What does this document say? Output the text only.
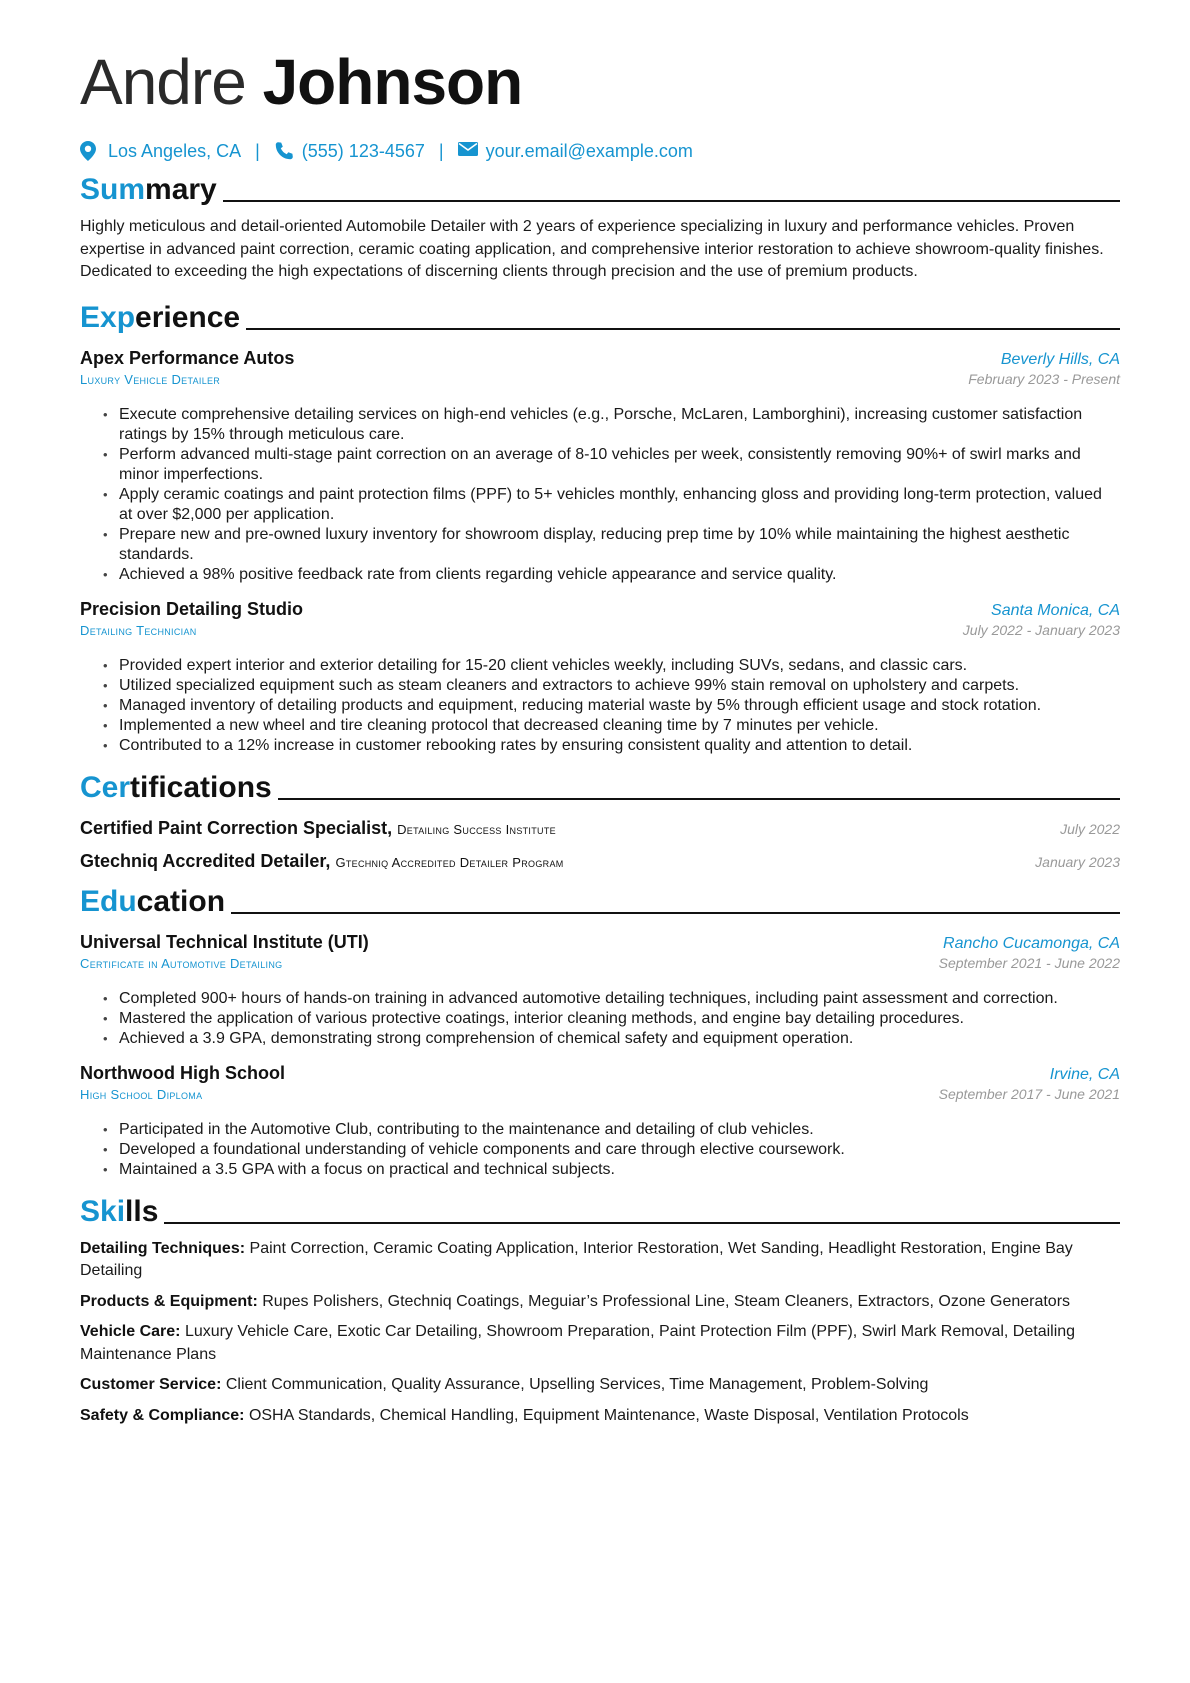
Andre Johnson
Los Angeles, CA | (555) 123-4567 | your.email@example.com
Summary

Highly meticulous and detail-oriented Automobile Detailer with 2 years of experience specializing in luxury and performance vehicles. Proven expertise in advanced paint correction, ceramic coating application, and comprehensive interior restoration to achieve showroom-quality finishes. Dedicated to exceeding the high expectations of discerning clients through precision and the use of premium products.

Experience
Apex Performance Autos	Beverly Hills, CA
Luxury Vehicle Detailer	February 2023 - Present
• Execute comprehensive detailing services on high-end vehicles (e.g., Porsche, McLaren, Lamborghini), increasing customer satisfaction ratings by 15% through meticulous care.
• Perform advanced multi-stage paint correction on an average of 8-10 vehicles per week, consistently removing 90%+ of swirl marks and minor imperfections.
• Apply ceramic coatings and paint protection films (PPF) to 5+ vehicles monthly, enhancing gloss and providing long-term protection, valued at over $2,000 per application.
• Prepare new and pre-owned luxury inventory for showroom display, reducing prep time by 10% while maintaining the highest aesthetic standards.
• Achieved a 98% positive feedback rate from clients regarding vehicle appearance and service quality.
Precision Detailing Studio	Santa Monica, CA
Detailing Technician	July 2022 - January 2023
• Provided expert interior and exterior detailing for 15-20 client vehicles weekly, including SUVs, sedans, and classic cars.
• Utilized specialized equipment such as steam cleaners and extractors to achieve 99% stain removal on upholstery and carpets.
• Managed inventory of detailing products and equipment, reducing material waste by 5% through efficient usage and stock rotation.
• Implemented a new wheel and tire cleaning protocol that decreased cleaning time by 7 minutes per vehicle.
• Contributed to a 12% increase in customer rebooking rates by ensuring consistent quality and attention to detail.
Certifications
Certified Paint Correction Specialist, Detailing Success Institute	July 2022
Gtechniq Accredited Detailer, Gtechniq Accredited Detailer Program	January 2023
Education
Universal Technical Institute (UTI)	Rancho Cucamonga, CA
Certificate in Automotive Detailing	September 2021 - June 2022
• Completed 900+ hours of hands-on training in advanced automotive detailing techniques, including paint assessment and correction.
• Mastered the application of various protective coatings, interior cleaning methods, and engine bay detailing procedures.
• Achieved a 3.9 GPA, demonstrating strong comprehension of chemical safety and equipment operation.
Northwood High School	Irvine, CA
High School Diploma	September 2017 - June 2021
• Participated in the Automotive Club, contributing to the maintenance and detailing of club vehicles.
• Developed a foundational understanding of vehicle components and care through elective coursework.
• Maintained a 3.5 GPA with a focus on practical and technical subjects.
Skills
Detailing Techniques: Paint Correction, Ceramic Coating Application, Interior Restoration, Wet Sanding, Headlight Restoration, Engine Bay Detailing
Products & Equipment: Rupes Polishers, Gtechniq Coatings, Meguiar’s Professional Line, Steam Cleaners, Extractors, Ozone Generators
Vehicle Care: Luxury Vehicle Care, Exotic Car Detailing, Showroom Preparation, Paint Protection Film (PPF), Swirl Mark Removal, Detailing Maintenance Plans
Customer Service: Client Communication, Quality Assurance, Upselling Services, Time Management, Problem-Solving
Safety & Compliance: OSHA Standards, Chemical Handling, Equipment Maintenance, Waste Disposal, Ventilation Protocols
